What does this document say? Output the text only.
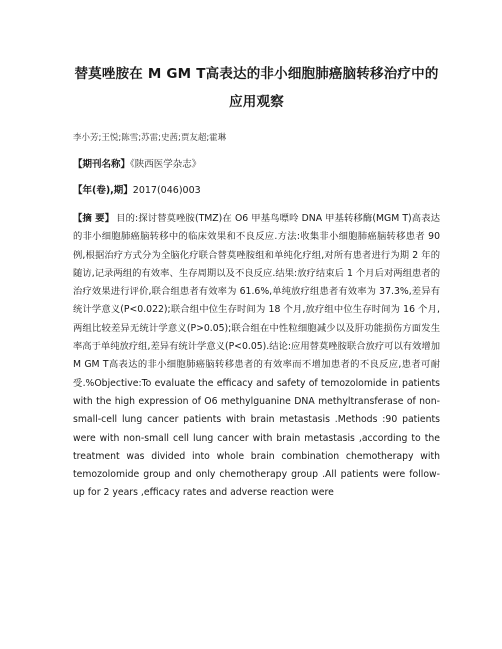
替莫唑胺在 M GM T高表达的非小细胞肺癌脑转移治疗中的应用观察
李小芳;王悦;陈雪;苏雷;史茜;贾友超;霍琳
【期刊名称】《陕西医学杂志》
【年(卷),期】2017(046)003
【摘 要】 目的:探讨替莫唑胺(TMZ)在 O6 甲基鸟嘌呤 DNA 甲基转移酶(MGM T)高表达的非小细胞肺癌脑转移中的临床效果和不良反应.方法:收集非小细胞肺癌脑转移患者 90 例,根据治疗方式分为全脑化疗联合替莫唑胺组和单纯化疗组,对所有患者进行为期 2 年的随访,记录两组的有效率、生存周期以及不良反应.结果:放疗结束后 1 个月后对两组患者的治疗效果进行评价,联合组患者有效率为 61.6%,单纯放疗组患者有效率为 37.3%,差异有统计学意义(P<0.022);联合组中位生存时间为 18 个月,放疗组中位生存时间为 16 个月,两组比较差异无统计学意义(P>0.05);联合组在中性粒细胞减少以及肝功能损伤方面发生率高于单纯放疗组,差异有统计学意义(P<0.05).结论:应用替莫唑胺联合放疗可以有效增加 M GM T高表达的非小细胞肺癌脑转移患者的有效率而不增加患者的不良反应,患者可耐受.%Objective:To evaluate the efficacy and safety of temozolomide in patients with the high expression of O6 methylguanine DNA methyltransferase of non-small-cell lung cancer patients with brain metastasis .Methods :90 patients were with non-small cell lung cancer with brain metastasis ,according to the treatment was divided into whole brain combination chemotherapy with temozolomide group and only chemotherapy group .All patients were follow-up for 2 years ,efficacy rates and adverse reaction were
